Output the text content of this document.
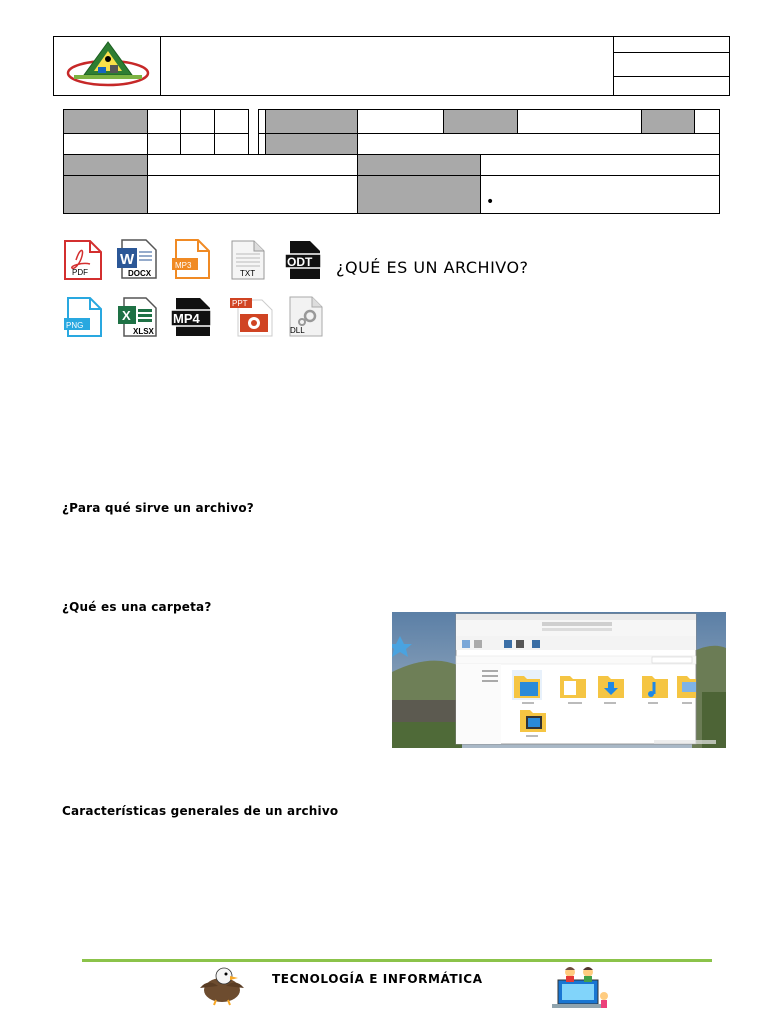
•
PDF
W
DOCX
MP3
TXT
ODT
PNG
X
XLSX
MP4
PPT
DLL
¿QUÉ ES UN ARCHIVO?
¿Para qué sirve un archivo?
¿Qué es una carpeta?
Características generales de un archivo
TECNOLOGÍA E INFORMÁTICA
